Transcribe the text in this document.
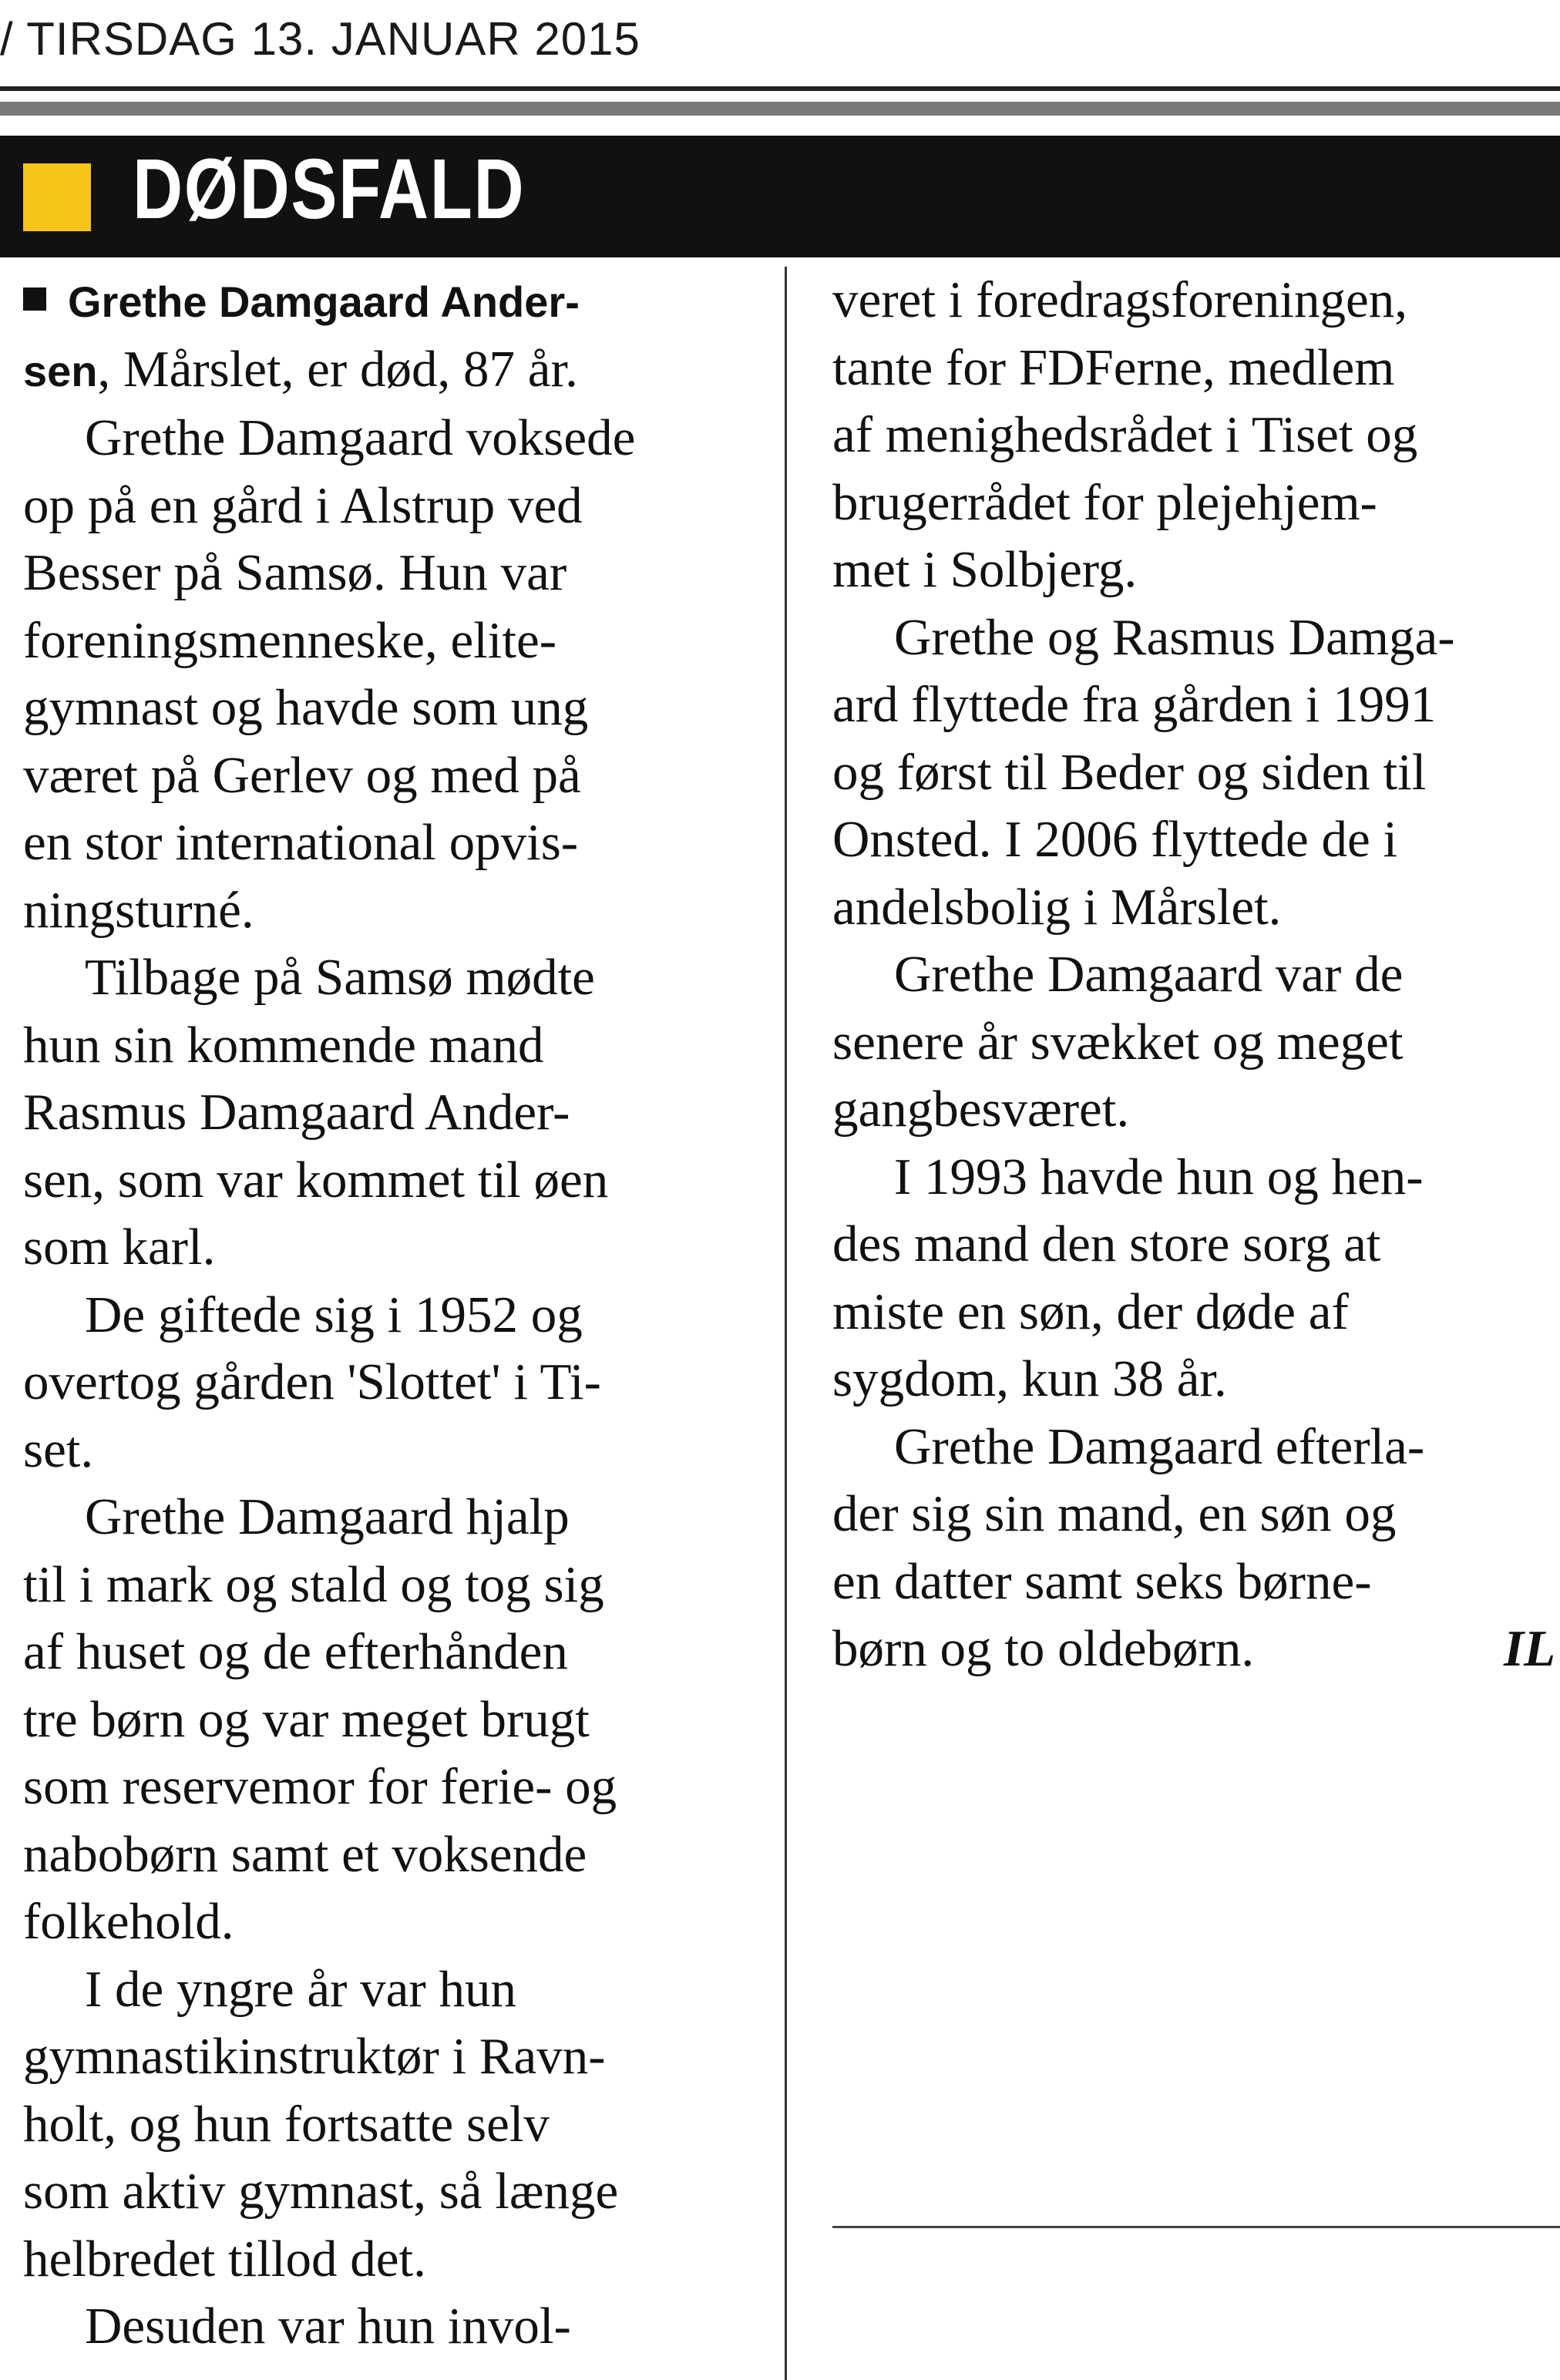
/ TIRSDAG 13. JANUAR 2015
DØDSFALD
Grethe Damgaard Ander-
sen, Mårslet, er død, 87 år.
Grethe Damgaard voksede
op på en gård i Alstrup ved
Besser på Samsø. Hun var
foreningsmenneske, elite-
gymnast og havde som ung
været på Gerlev og med på
en stor international opvis-
ningsturné.
Tilbage på Samsø mødte
hun sin kommende mand
Rasmus Damgaard Ander-
sen, som var kommet til øen
som karl.
De giftede sig i 1952 og
overtog gården 'Slottet' i Ti-
set.
Grethe Damgaard hjalp
til i mark og stald og tog sig
af huset og de efterhånden
tre børn og var meget brugt
som reservemor for ferie- og
nabobørn samt et voksende
folkehold.
I de yngre år var hun
gymnastikinstruktør i Ravn-
holt, og hun fortsatte selv
som aktiv gymnast, så længe
helbredet tillod det.
Desuden var hun invol-
veret i foredragsforeningen,
tante for FDFerne, medlem
af menighedsrådet i Tiset og
brugerrådet for plejehjem-
met i Solbjerg.
Grethe og Rasmus Damga-
ard flyttede fra gården i 1991
og først til Beder og siden til
Onsted. I 2006 flyttede de i
andelsbolig i Mårslet.
Grethe Damgaard var de
senere år svækket og meget
gangbesværet.
I 1993 havde hun og hen-
des mand den store sorg at
miste en søn, der døde af
sygdom, kun 38 år.
Grethe Damgaard efterla-
der sig sin mand, en søn og
en datter samt seks børne-
børn og to oldebørn.	IL
